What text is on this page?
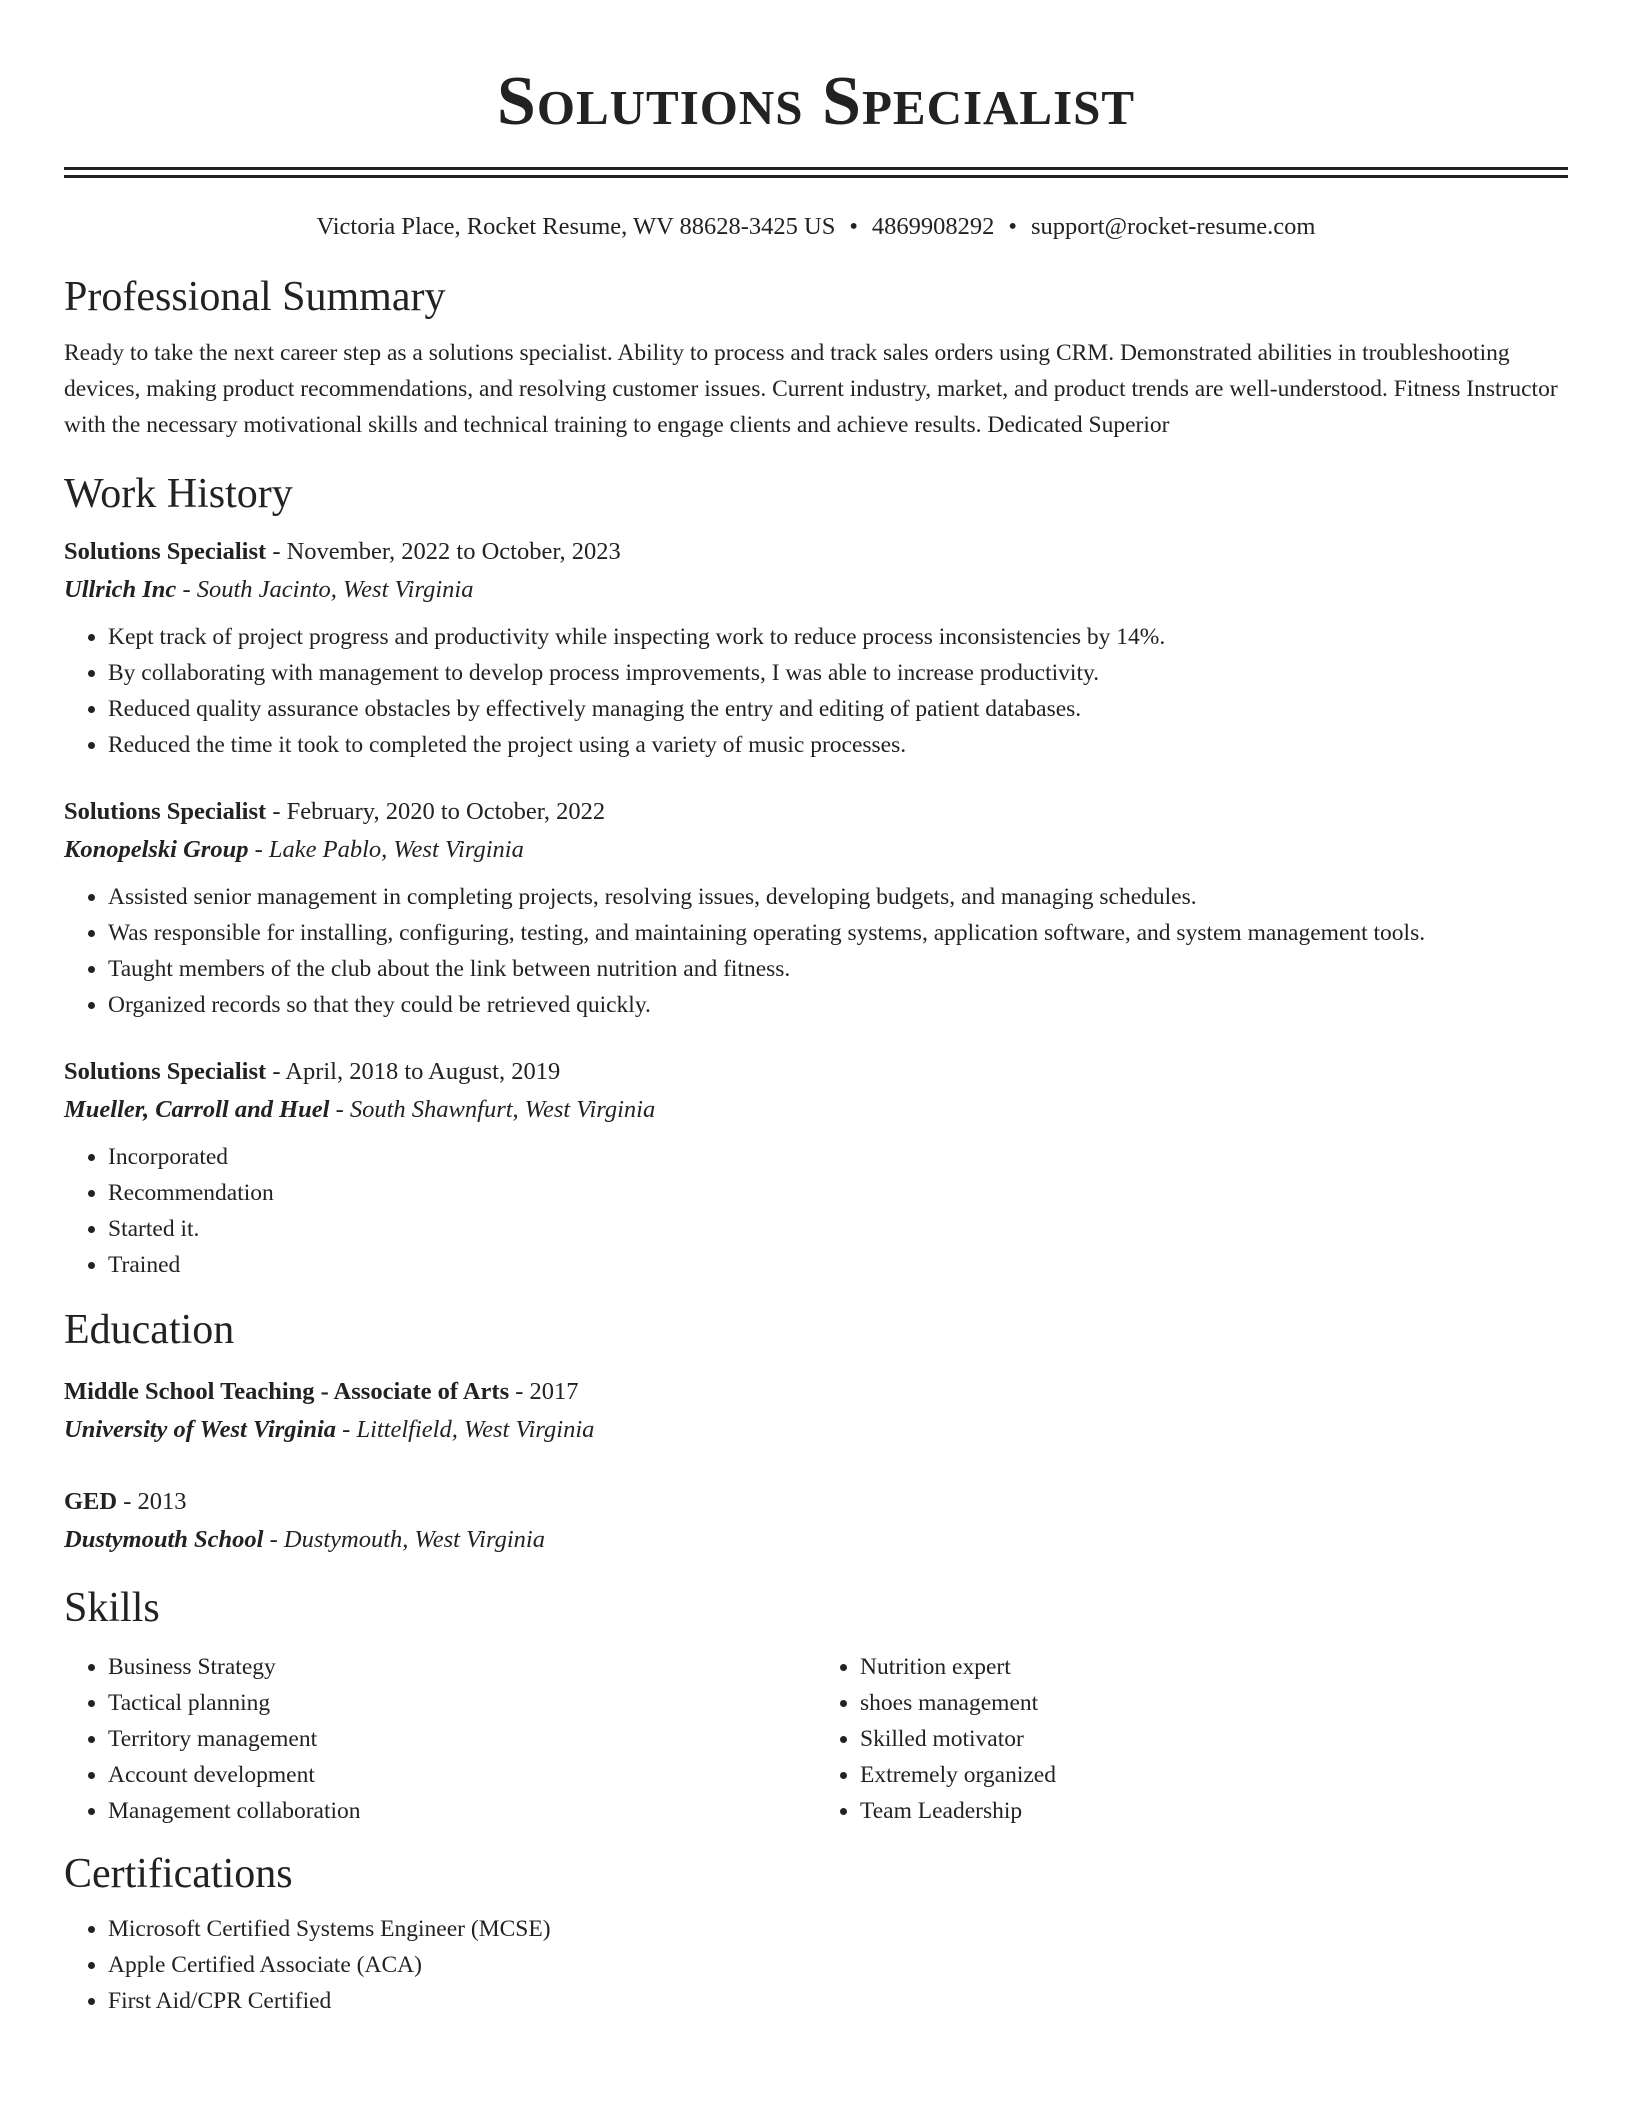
Solutions Specialist
Victoria Place, Rocket Resume, WV 88628-3425 US • 4869908292 • support@rocket-resume.com
Professional Summary
Ready to take the next career step as a solutions specialist. Ability to process and track sales orders using CRM. Demonstrated abilities in troubleshooting devices, making product recommendations, and resolving customer issues. Current industry, market, and product trends are well-understood. Fitness Instructor with the necessary motivational skills and technical training to engage clients and achieve results. Dedicated Superior
Work History
Solutions Specialist - November, 2022 to October, 2023
Ullrich Inc - South Jacinto, West Virginia
• Kept track of project progress and productivity while inspecting work to reduce process inconsistencies by 14%.
• By collaborating with management to develop process improvements, I was able to increase productivity.
• Reduced quality assurance obstacles by effectively managing the entry and editing of patient databases.
• Reduced the time it took to completed the project using a variety of music processes.
Solutions Specialist - February, 2020 to October, 2022
Konopelski Group - Lake Pablo, West Virginia
• Assisted senior management in completing projects, resolving issues, developing budgets, and managing schedules.
• Was responsible for installing, configuring, testing, and maintaining operating systems, application software, and system management tools.
• Taught members of the club about the link between nutrition and fitness.
• Organized records so that they could be retrieved quickly.
Solutions Specialist - April, 2018 to August, 2019
Mueller, Carroll and Huel - South Shawnfurt, West Virginia
• Incorporated
• Recommendation
• Started it.
• Trained
Education
Middle School Teaching - Associate of Arts - 2017
University of West Virginia - Littelfield, West Virginia
GED - 2013
Dustymouth School - Dustymouth, West Virginia
Skills
• Business Strategy
• Tactical planning
• Territory management
• Account development
• Management collaboration
• Nutrition expert
• shoes management
• Skilled motivator
• Extremely organized
• Team Leadership
Certifications
• Microsoft Certified Systems Engineer (MCSE)
• Apple Certified Associate (ACA)
• First Aid/CPR Certified
